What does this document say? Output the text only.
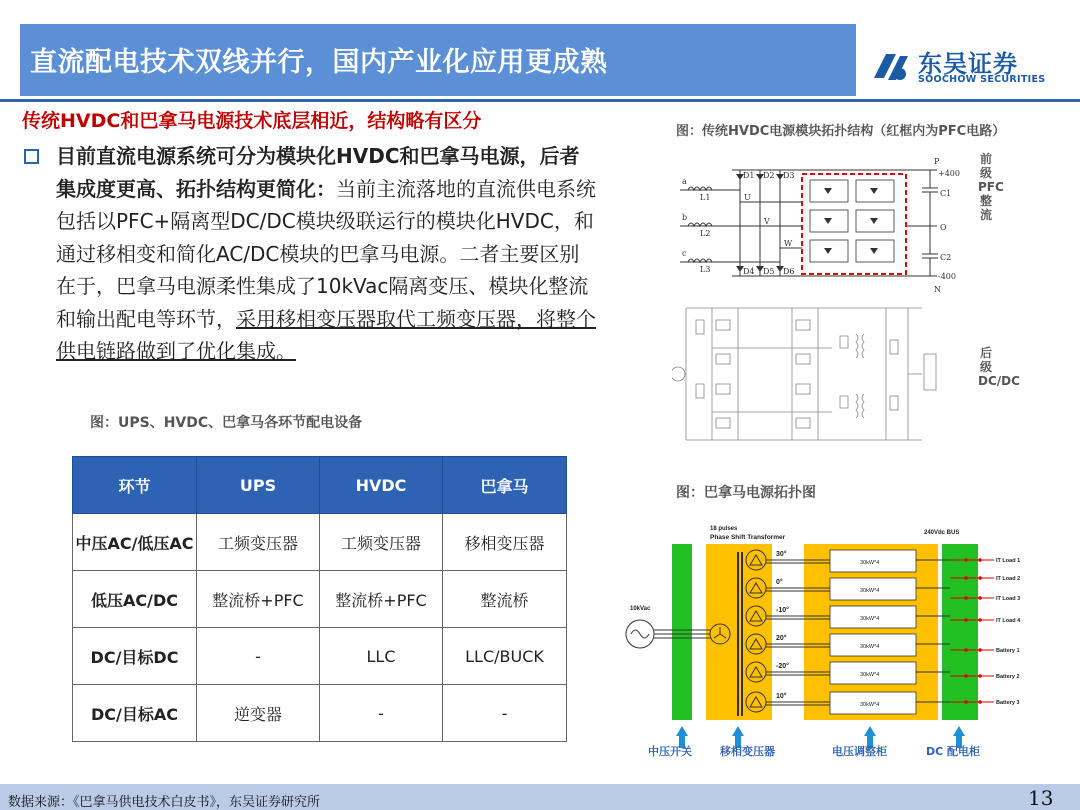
直流配电技术双线并行，国内产业化应用更成熟	东吴证券
SOOCHOW SECURITIES
传统HVDC和巴拿马电源技术底层相近，结构略有区分
目前直流电源系统可分为模块化HVDC和巴拿马电源，后者集成度更高、拓扑结构更简化：当前主流落地的直流供电系统包括以PFC+隔离型DC/DC模块级联运行的模块化HVDC，和通过移相变和简化AC/DC模块的巴拿马电源。二者主要区别在于，巴拿马电源柔性集成了10kVac隔离变压、模块化整流和输出配电等环节，采用移相变压器取代工频变压器，将整个供电链路做到了优化集成。
图：UPS、HVDC、巴拿马各环节配电设备
环节	UPS	HVDC	巴拿马
中压AC/低压AC	工频变压器	工频变压器	移相变压器
低压AC/DC	整流桥+PFC	整流桥+PFC	整流桥
DC/目标DC	-	LLC	LLC/BUCK
DC/目标AC	逆变器	-	-
图：传统HVDC电源模块拓扑结构（红框内为PFC电路）
a
b
c
L1
L2
L3
D1 D2 D3
D4 D5 D6
U
V
W
P
+400
C1
O
C2
-400
N
前级PFC整流
后级DC/DC
图：巴拿马电源拓扑图
18 pulses
Phase Shift Transformer
240Vdc BUS
10kVac
30°
0°
-10°
20°
-20°
10°
30kW*4
30kW*4
30kW*4
30kW*4
30kW*4
30kW*4
IT Load 1
IT Load 2
IT Load 3
IT Load 4
Battery 1
Battery 2
Battery 3
中压开关	移相变压器	电压调整柜	DC 配电柜
数据来源：《巴拿马供电技术白皮书》，东吴证券研究所	13
